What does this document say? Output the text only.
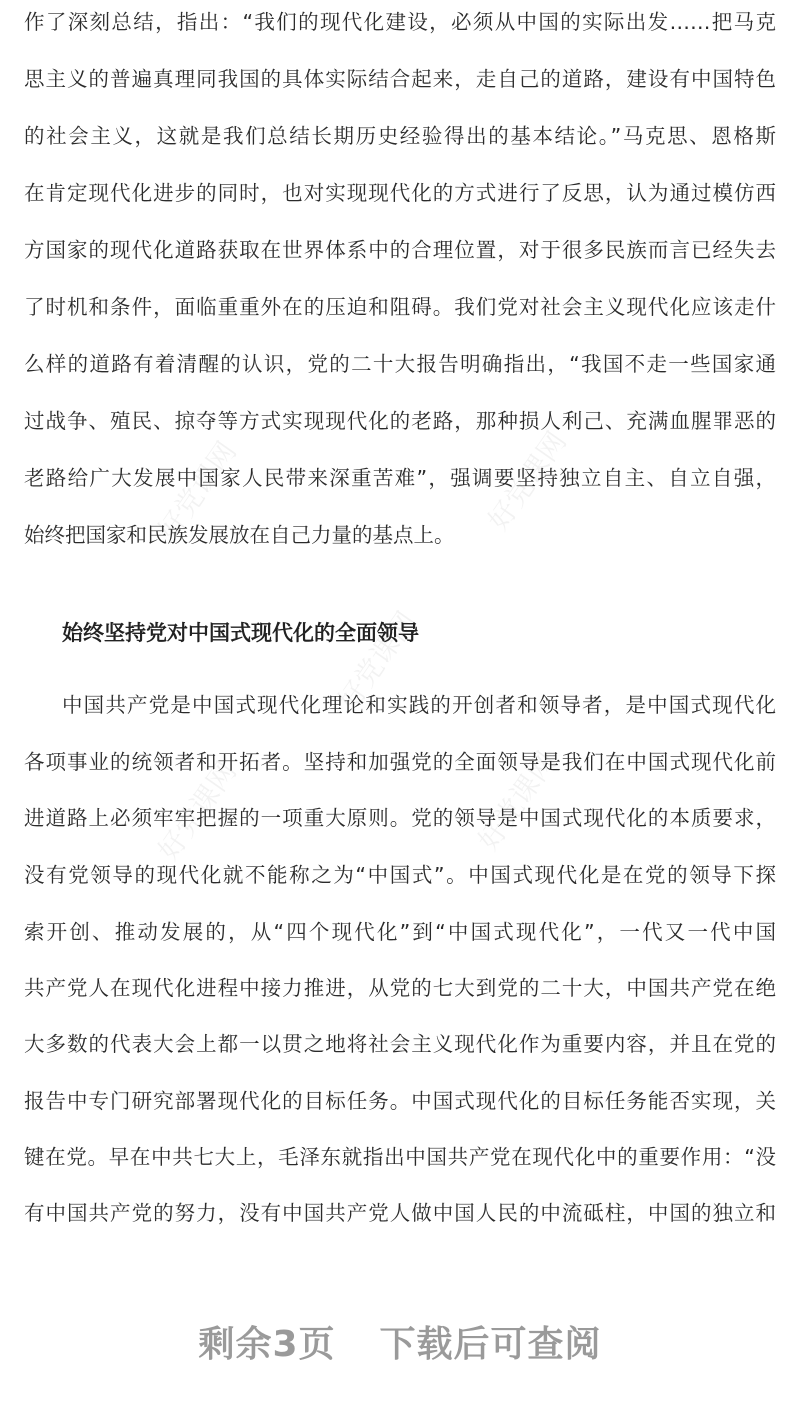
好党课网	好党课网
好党课网
好党课网	好党课网
作了深刻总结，指出：“我们的现代化建设，必须从中国的实际出发……把马克
思主义的普遍真理同我国的具体实际结合起来，走自己的道路，建设有中国特色
的社会主义，这就是我们总结长期历史经验得出的基本结论。”马克思、恩格斯
在肯定现代化进步的同时，也对实现现代化的方式进行了反思，认为通过模仿西
方国家的现代化道路获取在世界体系中的合理位置，对于很多民族而言已经失去
了时机和条件，面临重重外在的压迫和阻碍。我们党对社会主义现代化应该走什
么样的道路有着清醒的认识，党的二十大报告明确指出，“我国不走一些国家通
过战争、殖民、掠夺等方式实现现代化的老路，那种损人利己、充满血腥罪恶的
老路给广大发展中国家人民带来深重苦难”，强调要坚持独立自主、自立自强，
始终把国家和民族发展放在自己力量的基点上。
始终坚持党对中国式现代化的全面领导
中国共产党是中国式现代化理论和实践的开创者和领导者，是中国式现代化
各项事业的统领者和开拓者。坚持和加强党的全面领导是我们在中国式现代化前
进道路上必须牢牢把握的一项重大原则。党的领导是中国式现代化的本质要求，
没有党领导的现代化就不能称之为“中国式”。中国式现代化是在党的领导下探
索开创、推动发展的，从“四个现代化”到“中国式现代化”，一代又一代中国
共产党人在现代化进程中接力推进，从党的七大到党的二十大，中国共产党在绝
大多数的代表大会上都一以贯之地将社会主义现代化作为重要内容，并且在党的
报告中专门研究部署现代化的目标任务。中国式现代化的目标任务能否实现，关
键在党。早在中共七大上，毛泽东就指出中国共产党在现代化中的重要作用：“没
有中国共产党的努力，没有中国共产党人做中国人民的中流砥柱，中国的独立和
剩余3页 下载后可查阅
